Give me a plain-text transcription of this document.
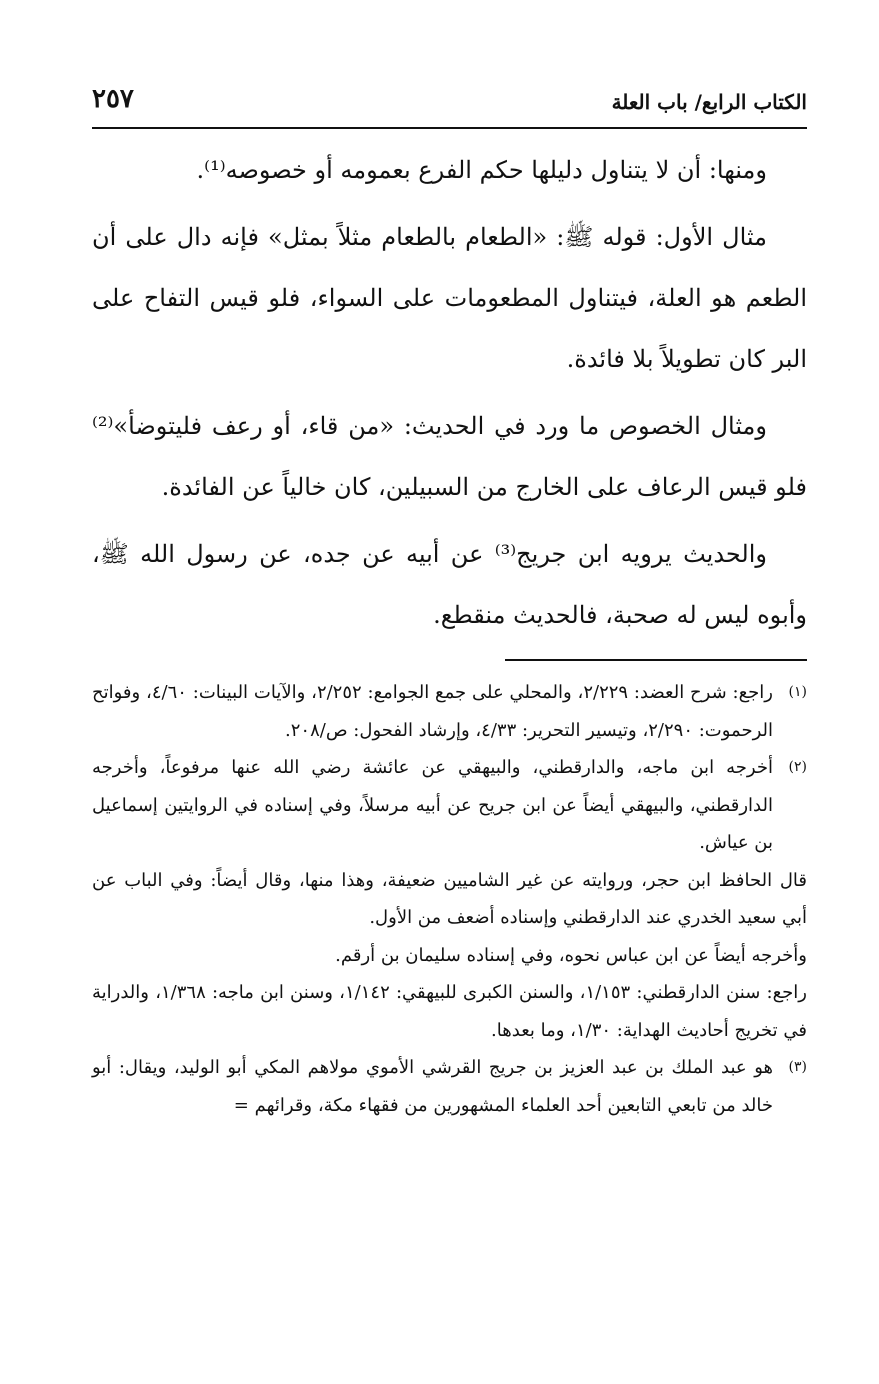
الكتاب الرابع/ باب العلة
٢٥٧

ومنها: أن لا يتناول دليلها حكم الفرع بعمومه أو خصوصه⁽¹⁾.

مثال الأول: قوله ﷺ: «الطعام بالطعام مثلاً بمثل» فإنه دال على أن الطعم هو العلة، فيتناول المطعومات على السواء، فلو قيس التفاح على البر كان تطويلاً بلا فائدة.

ومثال الخصوص ما ورد في الحديث: «من قاء، أو رعف فليتوضأ»⁽²⁾ فلو قيس الرعاف على الخارج من السبيلين، كان خالياً عن الفائدة.

والحديث يرويه ابن جريج⁽³⁾ عن أبيه عن جده، عن رسول الله ﷺ، وأبوه ليس له صحبة، فالحديث منقطع.

(١)
راجع: شرح العضد: ٢/٢٢٩، والمحلي على جمع الجوامع: ٢/٢٥٢، والآيات البينات: ٤/٦٠، وفواتح الرحموت: ٢/٢٩٠، وتيسير التحرير: ٤/٣٣، وإرشاد الفحول: ص/٢٠٨.

(٢)
أخرجه ابن ماجه، والدارقطني، والبيهقي عن عائشة رضي الله عنها مرفوعاً، وأخرجه الدارقطني، والبيهقي أيضاً عن ابن جريح عن أبيه مرسلاً، وفي إسناده في الروايتين إسماعيل بن عياش.

قال الحافظ ابن حجر، وروايته عن غير الشاميين ضعيفة، وهذا منها، وقال أيضاً: وفي الباب عن أبي سعيد الخدري عند الدارقطني وإسناده أضعف من الأول.

وأخرجه أيضاً عن ابن عباس نحوه، وفي إسناده سليمان بن أرقم.

راجع: سنن الدارقطني: ١/١٥٣، والسنن الكبرى للبيهقي: ١/١٤٢، وسنن ابن ماجه: ١/٣٦٨، والدراية في تخريج أحاديث الهداية: ١/٣٠، وما بعدها.

(٣)
هو عبد الملك بن عبد العزيز بن جريج القرشي الأموي مولاهم المكي أبو الوليد، ويقال: أبو خالد من تابعي التابعين أحد العلماء المشهورين من فقهاء مكة، وقرائهم =
